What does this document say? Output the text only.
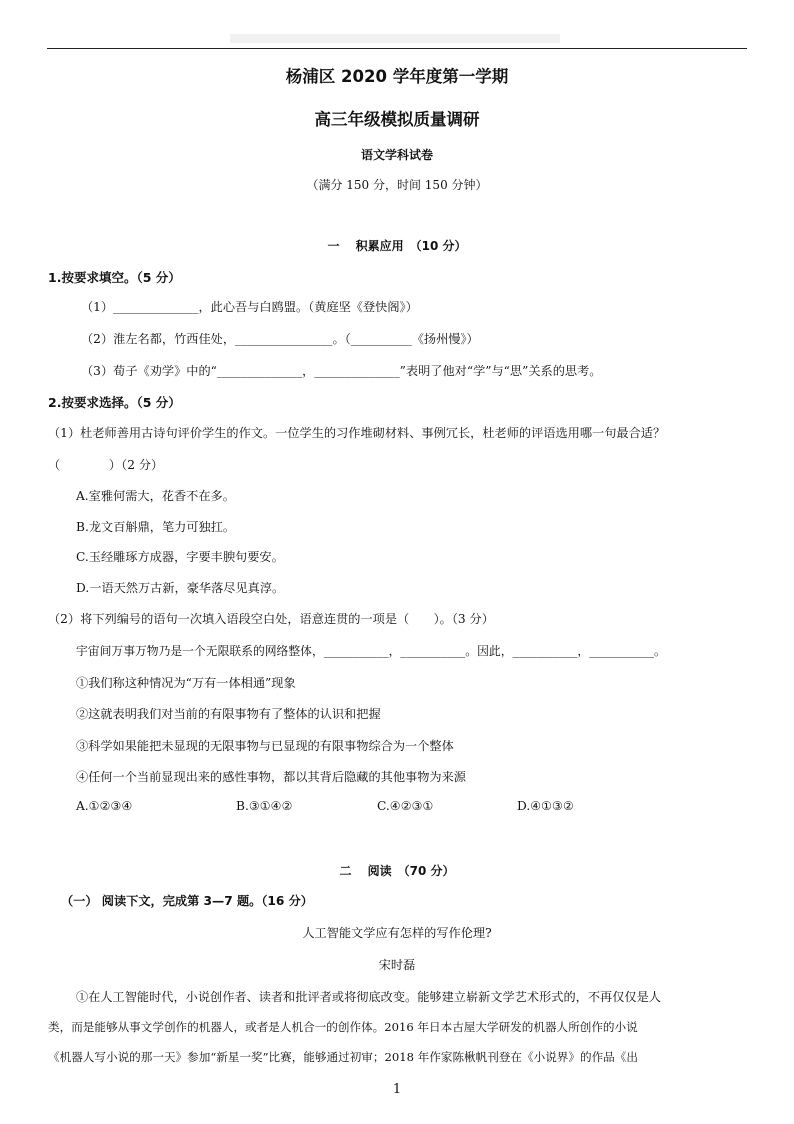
杨浦区 2020 学年度第一学期
高三年级模拟质量调研
语文学科试卷
（满分 150 分，时间 150 分钟）
一　 积累应用　（10 分）
1.按要求填空。（5 分）
（1）______________，此心吾与白鸥盟。（黄庭坚《登快阁》）
（2）淮左名都，竹西佳处，________________。（__________《扬州慢》）
（3）荀子《劝学》中的“______________，______________”表明了他对“学”与“思”关系的思考。
2.按要求选择。（5 分）
（1）杜老师善用古诗句评价学生的作文。一位学生的习作堆砌材料、事例冗长，杜老师的评语选用哪一句最合适？
（　　　　）（2 分）
A.室雅何需大，花香不在多。
B.龙文百斛鼎，笔力可独扛。
C.玉经雕琢方成器，字要丰腴句要安。
D.一语天然万古新，豪华落尽见真淳。
（2）将下列编号的语句一次填入语段空白处，语意连贯的一项是（　　）。（3 分）
宇宙间万事万物乃是一个无限联系的网络整体，___________，___________。因此，___________，___________。
①我们称这种情况为“万有一体相通”现象
②这就表明我们对当前的有限事物有了整体的认识和把握
③科学如果能把未显现的无限事物与已显现的有限事物综合为一个整体
④任何一个当前显现出来的感性事物，都以其背后隐藏的其他事物为来源
A.①②③④	B.③①④②	C.④②③①	D.④①③②
二　 阅读　（70 分）
（一） 阅读下文，完成第 3—7 题。（16 分）
人工智能文学应有怎样的写作伦理?
宋时磊
①在人工智能时代，小说创作者、读者和批评者或将彻底改变。能够建立崭新文学艺术形式的，不再仅仅是人
类，而是能够从事文学创作的机器人，或者是人机合一的创作体。2016 年日本古屋大学研发的机器人所创作的小说
《机器人写小说的那一天》参加“新星一奖”比赛，能够通过初审；2018 年作家陈楸帆刊登在《小说界》的作品《出
1
